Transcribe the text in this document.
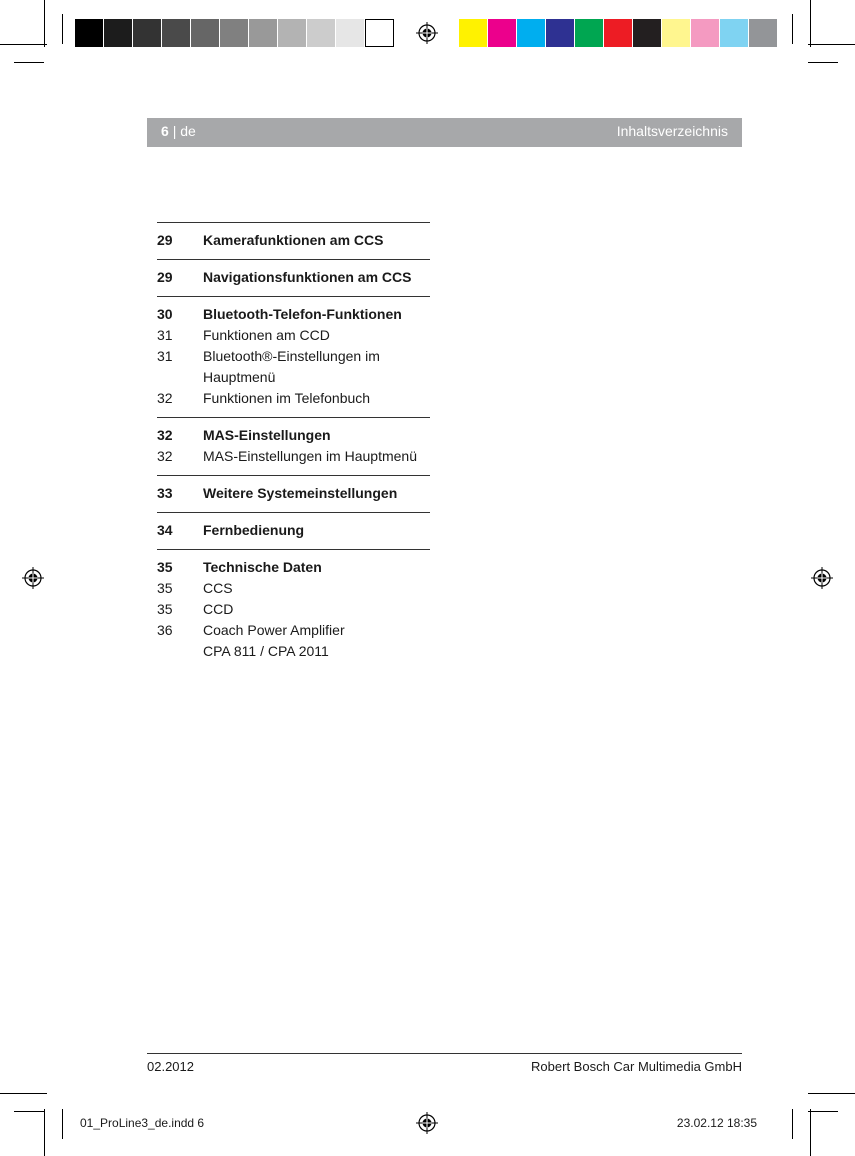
6 | de	Inhaltsverzeichnis
29	Kamerafunktionen am CCS
29	Navigationsfunktionen am CCS
30	Bluetooth-Telefon-Funktionen
31	Funktionen am CCD
31	Bluetooth®-Einstellungen im
Hauptmenü
32	Funktionen im Telefonbuch
32	MAS-Einstellungen
32	MAS-Einstellungen im Hauptmenü
33	Weitere Systemeinstellungen
34	Fernbedienung
35	Technische Daten
35	CCS
35	CCD
36	Coach Power Amplifier
CPA 811 / CPA 2011
02.2012	Robert Bosch Car Multimedia GmbH
01_ProLine3_de.indd 6	23.02.12 18:35
